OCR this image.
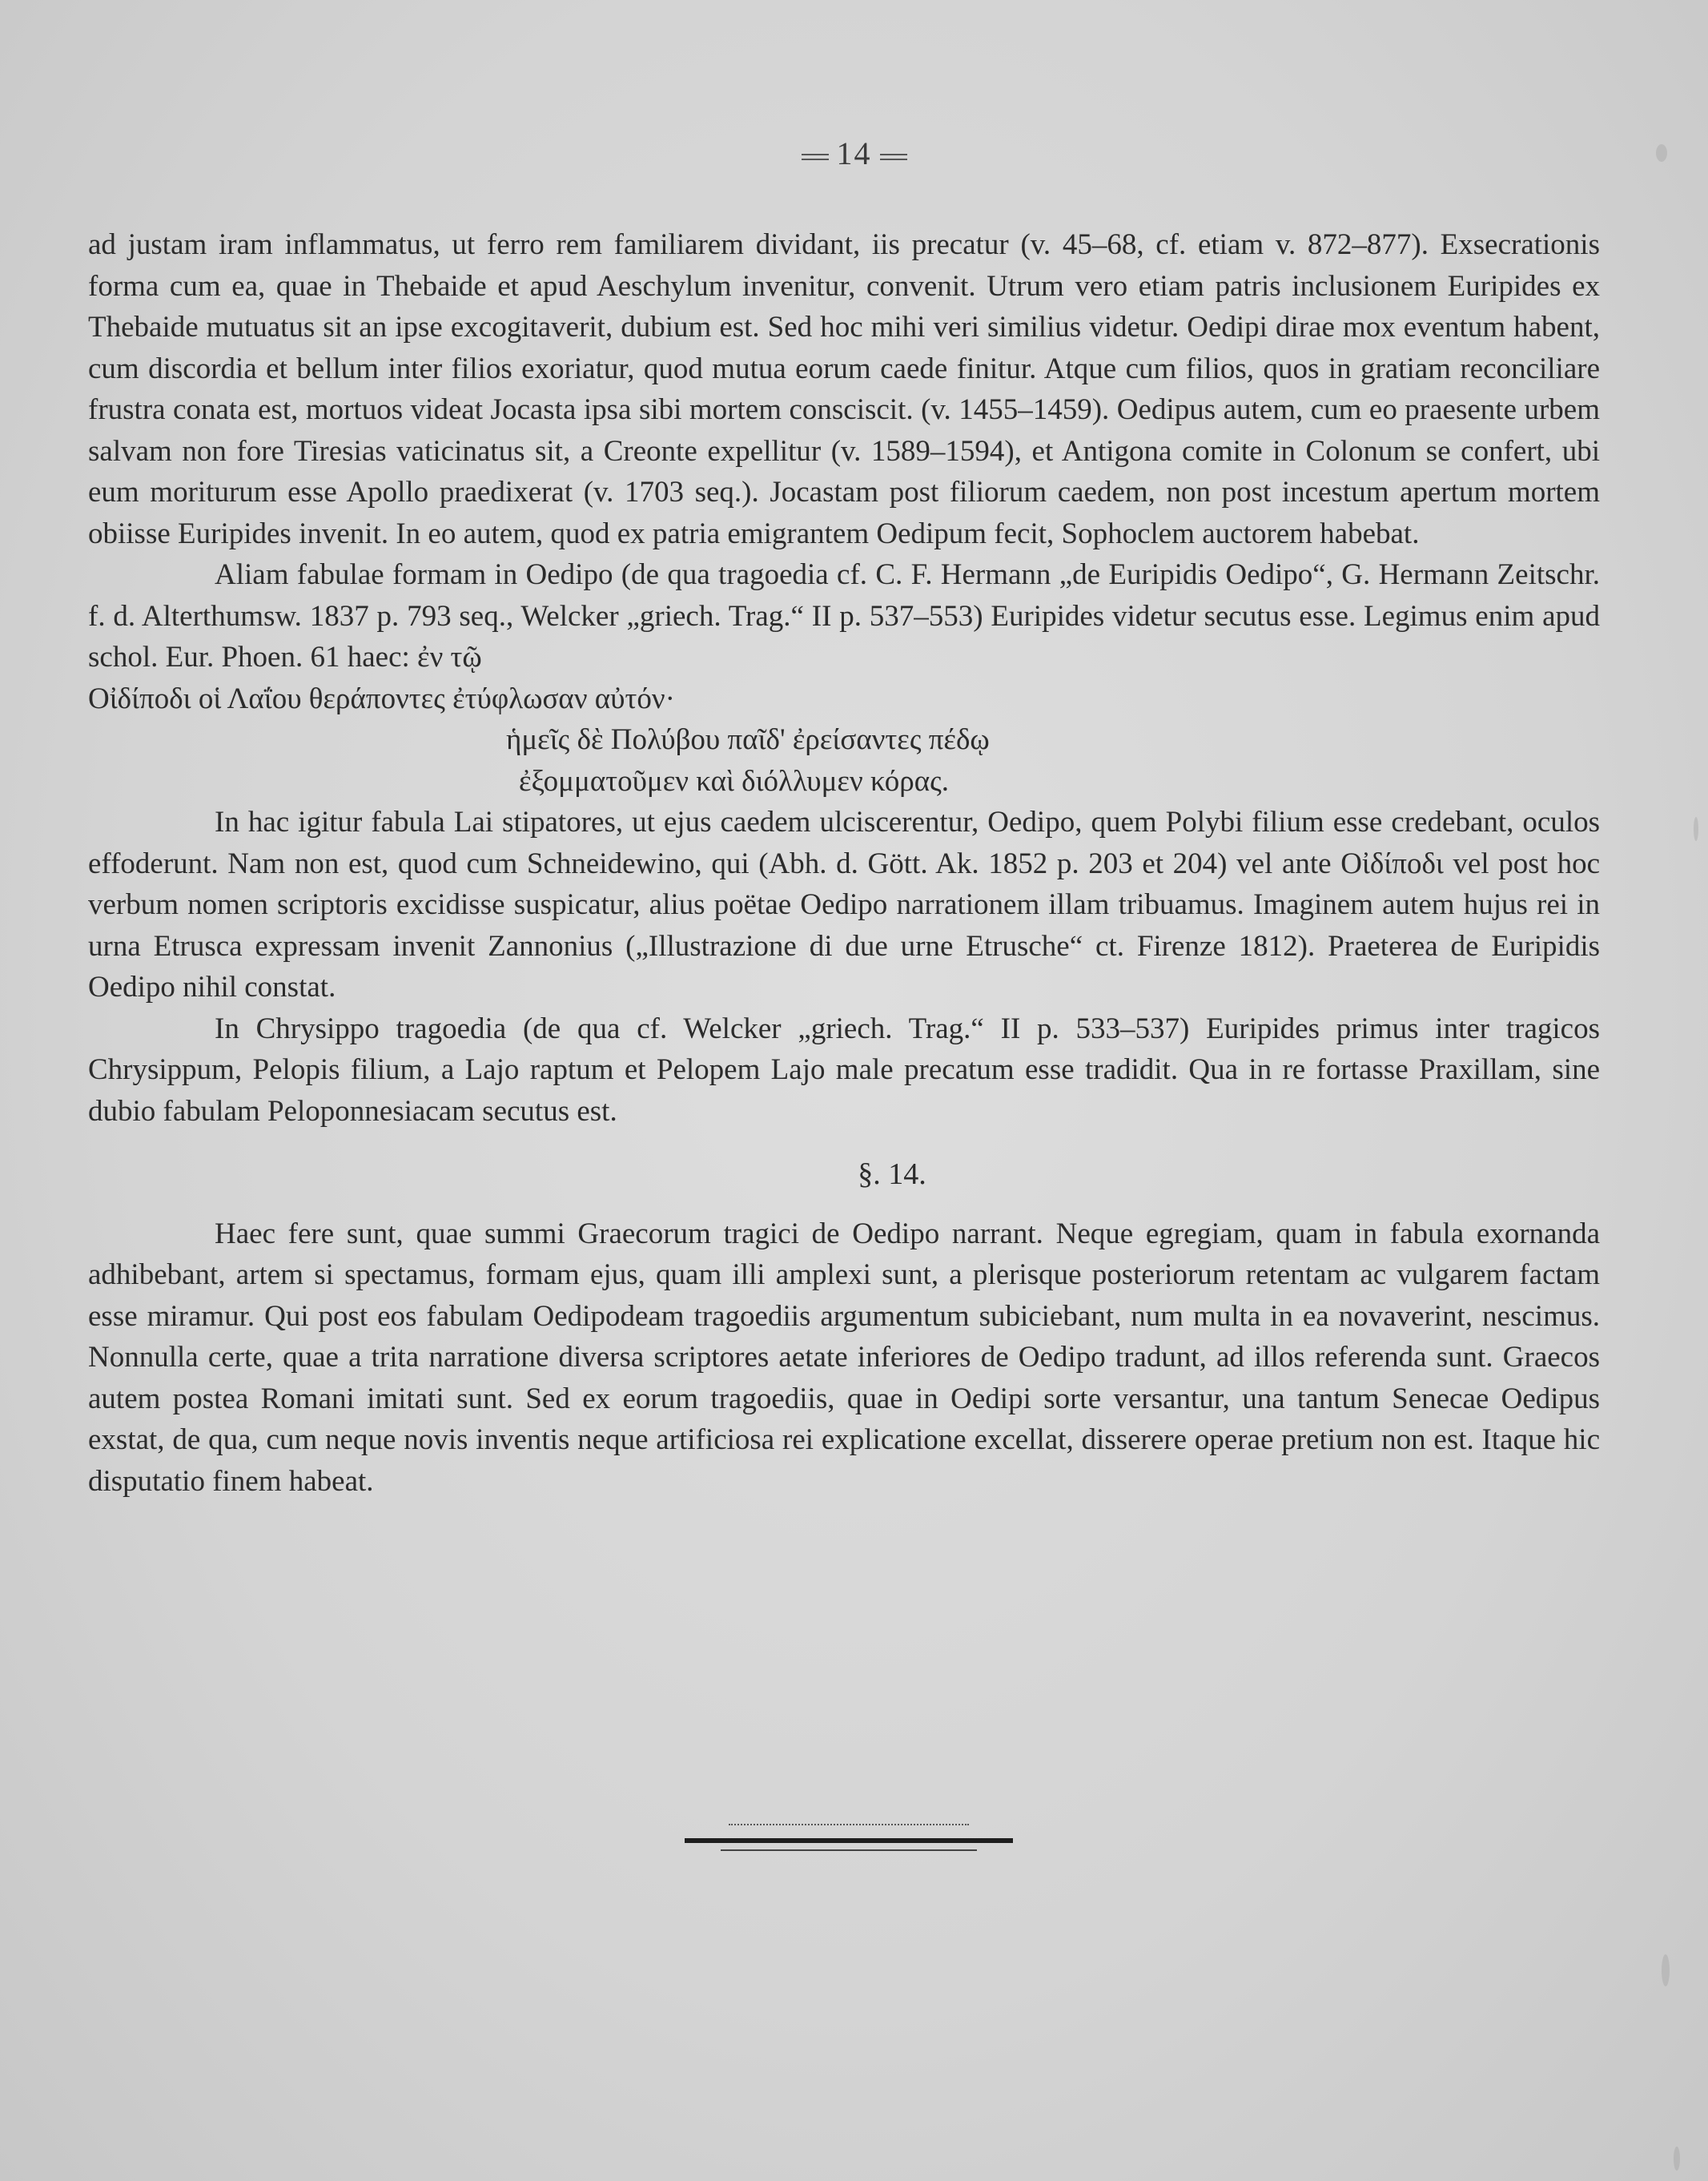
14

ad justam iram inflammatus, ut ferro rem familiarem dividant, iis precatur (v. 45–68, cf. etiam v. 872–877). Exsecrationis forma cum ea, quae in Thebaide et apud Aeschylum invenitur, convenit. Utrum vero etiam patris inclusionem Euripides ex Thebaide mutuatus sit an ipse excogitaverit, dubium est. Sed hoc mihi veri similius videtur. Oedipi dirae mox eventum habent, cum discordia et bellum inter filios exoriatur, quod mutua eorum caede finitur. Atque cum filios, quos in gratiam reconciliare frustra conata est, mortuos videat Jocasta ipsa sibi mortem consciscit. (v. 1455–1459). Oedipus autem, cum eo praesente urbem salvam non fore Tiresias vaticinatus sit, a Creonte expellitur (v. 1589–1594), et Antigona comite in Colonum se confert, ubi eum moriturum esse Apollo praedixerat (v. 1703 seq.). Jocastam post filiorum caedem, non post incestum apertum mortem obiisse Euripides invenit. In eo autem, quod ex patria emigrantem Oedipum fecit, Sophoclem auctorem habebat.

Aliam fabulae formam in Oedipo (de qua tragoedia cf. C. F. Hermann „de Euripidis Oedipo“, G. Hermann Zeitschr. f. d. Alterthumsw. 1837 p. 793 seq., Welcker „griech. Trag.“ II p. 537–553) Euripides videtur secutus esse. Legimus enim apud schol. Eur. Phoen. 61 haec: ἐν τῷ

Οἰδίποδι οἱ Λαΐου θεράποντες ἐτύφλωσαν αὐτόν·

ἡμεῖς δὲ Πολύβου παῖδ' ἐρείσαντες πέδῳ

ἐξομματοῦμεν καὶ διόλλυμεν κόρας.

In hac igitur fabula Lai stipatores, ut ejus caedem ulciscerentur, Oedipo, quem Polybi filium esse credebant, oculos effoderunt. Nam non est, quod cum Schneidewino, qui (Abh. d. Gött. Ak. 1852 p. 203 et 204) vel ante Οἰδίποδι vel post hoc verbum nomen scriptoris excidisse suspicatur, alius poëtae Oedipo narrationem illam tribuamus. Imaginem autem hujus rei in urna Etrusca expressam invenit Zannonius („Illustrazione di due urne Etrusche“ ct. Firenze 1812). Praeterea de Euripidis Oedipo nihil constat.

In Chrysippo tragoedia (de qua cf. Welcker „griech. Trag.“ II p. 533–537) Euripides primus inter tragicos Chrysippum, Pelopis filium, a Lajo raptum et Pelopem Lajo male precatum esse tradidit. Qua in re fortasse Praxillam, sine dubio fabulam Peloponnesiacam secutus est.

§. 14.

Haec fere sunt, quae summi Graecorum tragici de Oedipo narrant. Neque egregiam, quam in fabula exornanda adhibebant, artem si spectamus, formam ejus, quam illi amplexi sunt, a plerisque posteriorum retentam ac vulgarem factam esse miramur. Qui post eos fabulam Oedipodeam tragoediis argumentum subiciebant, num multa in ea novaverint, nescimus. Nonnulla certe, quae a trita narratione diversa scriptores aetate inferiores de Oedipo tradunt, ad illos referenda sunt. Graecos autem postea Romani imitati sunt. Sed ex eorum tragoediis, quae in Oedipi sorte versantur, una tantum Senecae Oedipus exstat, de qua, cum neque novis inventis neque artificiosa rei explicatione excellat, disserere operae pretium non est. Itaque hic disputatio finem habeat.
